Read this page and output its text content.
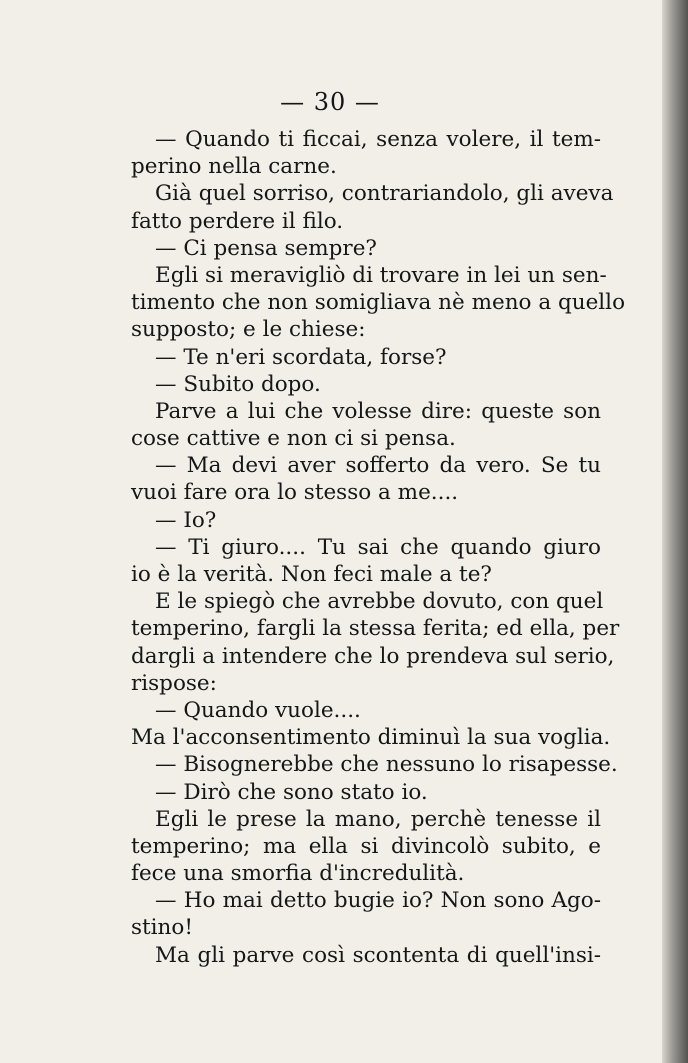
— 30 —
— Quando ti ficcai, senza volere, il tem-
perino nella carne.
Già quel sorriso, contrariandolo, gli aveva
fatto perdere il filo.
— Ci pensa sempre?
Egli si meravigliò di trovare in lei un sen-
timento che non somigliava nè meno a quello
supposto; e le chiese:
— Te n'eri scordata, forse?
— Subito dopo.
Parve a lui che volesse dire: queste son
cose cattive e non ci si pensa.
— Ma devi aver sofferto da vero. Se tu
vuoi fare ora lo stesso a me....
— Io?
— Ti giuro.... Tu sai che quando giuro
io è la verità. Non feci male a te?
E le spiegò che avrebbe dovuto, con quel
temperino, fargli la stessa ferita; ed ella, per
dargli a intendere che lo prendeva sul serio,
rispose:
— Quando vuole....
Ma l'acconsentimento diminuì la sua voglia.
— Bisognerebbe che nessuno lo risapesse.
— Dirò che sono stato io.
Egli le prese la mano, perchè tenesse il
temperino; ma ella si divincolò subito, e
fece una smorfia d'incredulità.
— Ho mai detto bugie io? Non sono Ago-
stino!
Ma gli parve così scontenta di quell'insi-
